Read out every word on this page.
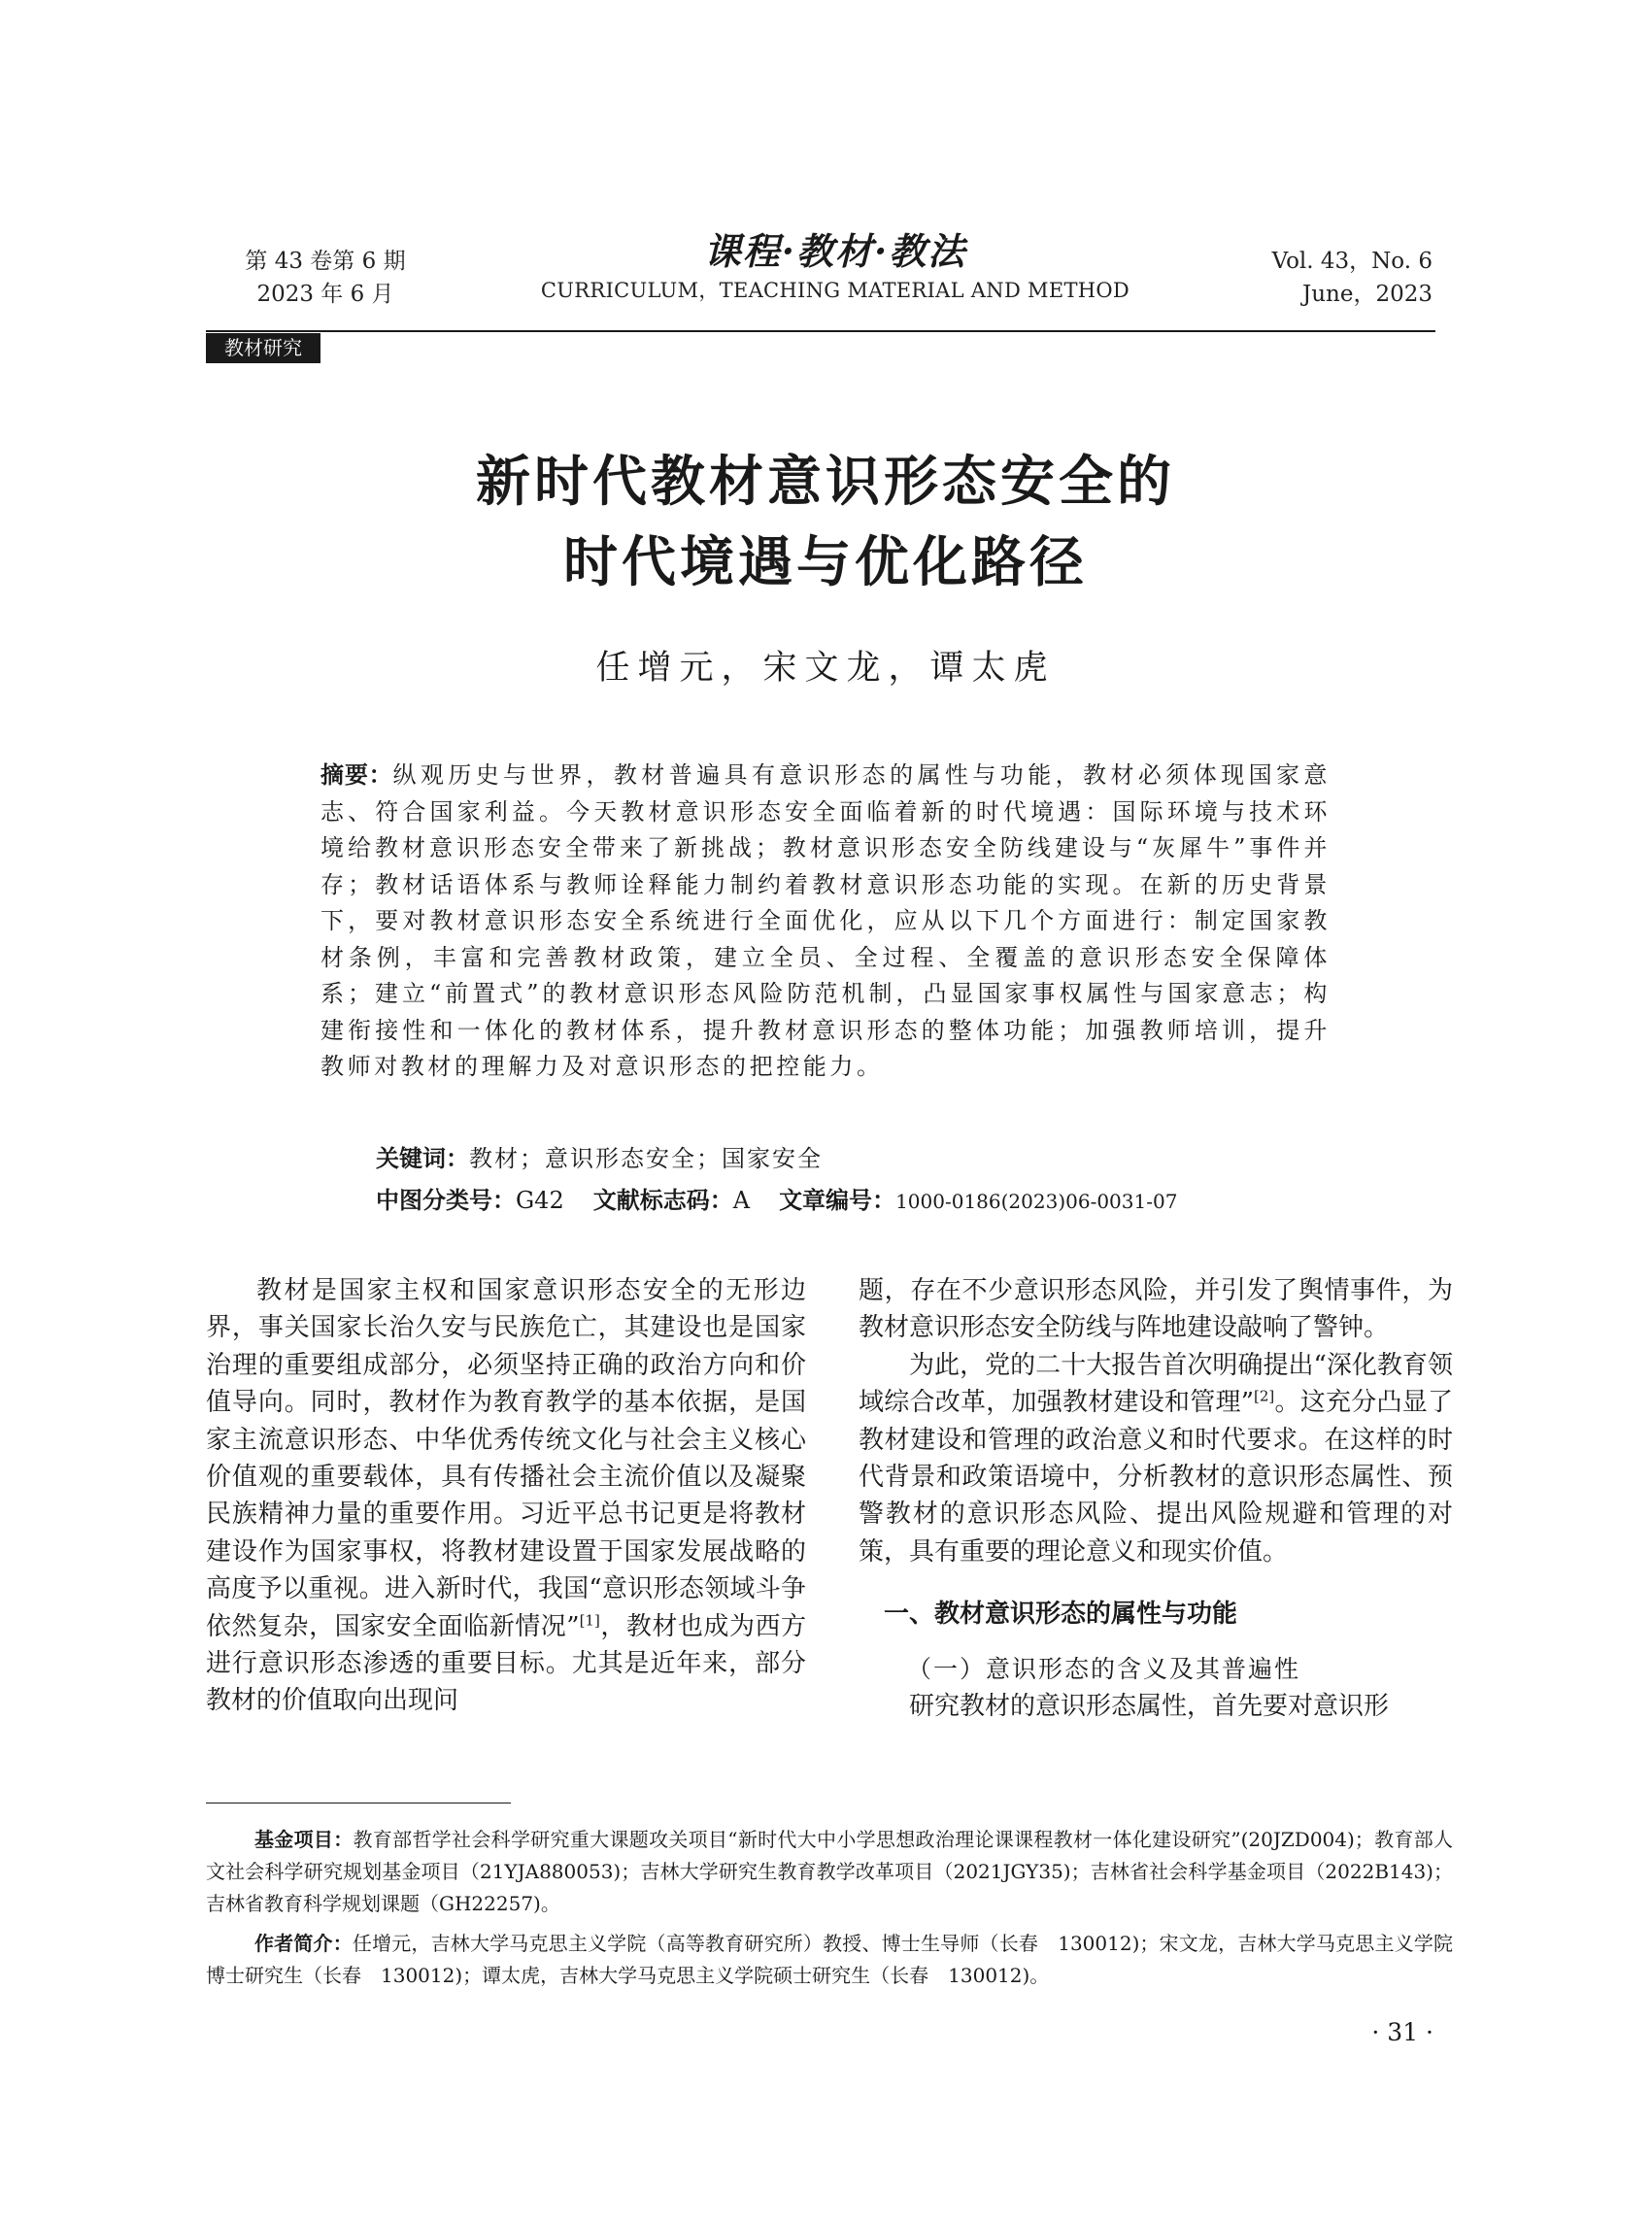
第 43 卷第 6 期
2023 年 6 月
课程·教材·教法
CURRICULUM，TEACHING MATERIAL AND METHOD
Vol. 43，No. 6
June，2023
教材研究
新时代教材意识形态安全的
时代境遇与优化路径
任增元，宋文龙，谭太虎
摘要：纵观历史与世界，教材普遍具有意识形态的属性与功能，教材必须体现国家意志、符合国家利益。今天教材意识形态安全面临着新的时代境遇：国际环境与技术环境给教材意识形态安全带来了新挑战；教材意识形态安全防线建设与“灰犀牛”事件并存；教材话语体系与教师诠释能力制约着教材意识形态功能的实现。在新的历史背景下，要对教材意识形态安全系统进行全面优化，应从以下几个方面进行：制定国家教材条例，丰富和完善教材政策，建立全员、全过程、全覆盖的意识形态安全保障体系；建立“前置式”的教材意识形态风险防范机制，凸显国家事权属性与国家意志；构建衔接性和一体化的教材体系，提升教材意识形态的整体功能；加强教师培训，提升教师对教材的理解力及对意识形态的把控能力。
关键词：教材；意识形态安全；国家安全
中图分类号：G42 文献标志码：A 文章编号：1000-0186(2023)06-0031-07

教材是国家主权和国家意识形态安全的无形边界，事关国家长治久安与民族危亡，其建设也是国家治理的重要组成部分，必须坚持正确的政治方向和价值导向。同时，教材作为教育教学的基本依据，是国家主流意识形态、中华优秀传统文化与社会主义核心价值观的重要载体，具有传播社会主流价值以及凝聚民族精神力量的重要作用。习近平总书记更是将教材建设作为国家事权，将教材建设置于国家发展战略的高度予以重视。进入新时代，我国“意识形态领域斗争依然复杂，国家安全面临新情况”[1]，教材也成为西方进行意识形态渗透的重要目标。尤其是近年来，部分教材的价值取向出现问

题，存在不少意识形态风险，并引发了舆情事件，为教材意识形态安全防线与阵地建设敲响了警钟。

为此，党的二十大报告首次明确提出“深化教育领域综合改革，加强教材建设和管理”[2]。这充分凸显了教材建设和管理的政治意义和时代要求。在这样的时代背景和政策语境中，分析教材的意识形态属性、预警教材的意识形态风险、提出风险规避和管理的对策，具有重要的理论意义和现实价值。

一、教材意识形态的属性与功能

（一）意识形态的含义及其普遍性

研究教材的意识形态属性，首先要对意识形

基金项目：教育部哲学社会科学研究重大课题攻关项目“新时代大中小学思想政治理论课课程教材一体化建设研究”(20JZD004)；教育部人文社会科学研究规划基金项目（21YJA880053)；吉林大学研究生教育教学改革项目（2021JGY35)；吉林省社会科学基金项目（2022B143)；吉林省教育科学规划课题（GH22257)。
作者简介：任增元，吉林大学马克思主义学院（高等教育研究所）教授、博士生导师（长春　130012)；宋文龙，吉林大学马克思主义学院博士研究生（长春　130012)；谭太虎，吉林大学马克思主义学院硕士研究生（长春　130012)。
· 31 ·
